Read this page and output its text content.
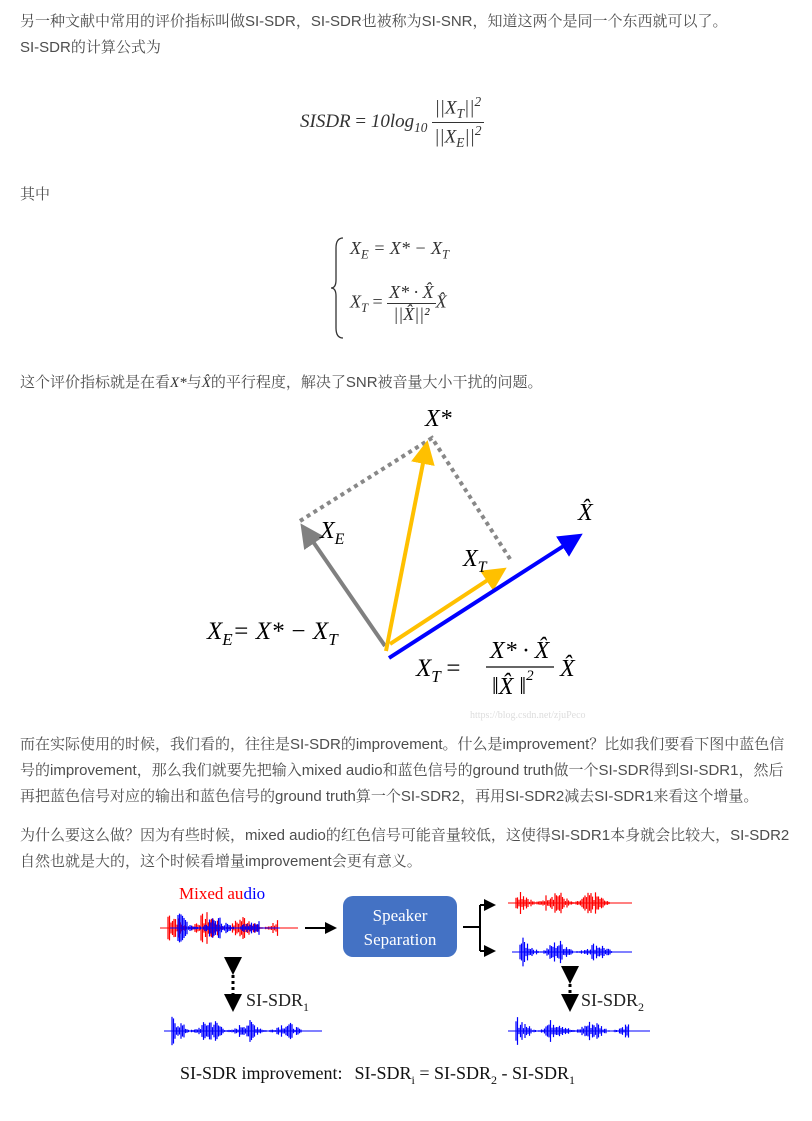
另一种文献中常用的评价指标叫做SI-SDR，SI-SDR也被称为SI-SNR，知道这两个是同一个东西就可以了。
SI-SDR的计算公式为

SISDR = $10\log_{10} \frac{||X_T||^2}{||X_E||^2}$

其中

$X_E = X* - X_T$
$X_T = \frac{X* \cdot X̂}{\text{||X̂||²}}$ X̂

这个评价指标就是在看X*与X̂的平行程度，解决了SNR被音量大小干扰的问题。

X*
X̂
$X_E$
$X_T$
$X_E= X* - X_T$
$X_T$ =
X* · X̂
‖X̂ ‖$^2$ X̂
https://blog.csdn.net/zjuPeco

而在实际使用的时候，我们看的，往往是SI-SDR的improvement。什么是improvement？比如我们要看下图中蓝色信号的improvement，那么我们就要先把输入mixed audio和蓝色信号的ground truth做一个SI-SDR得到SI-SDR1，然后再把蓝色信号对应的输出和蓝色信号的ground truth算一个SI-SDR2，再用SI-SDR2减去SI-SDR1来看这个增量。

为什么要这么做？因为有些时候，mixed audio的红色信号可能音量较低，这使得SI-SDR1本身就会比较大，SI-SDR2自然也就是大的，这个时候看增量improvement会更有意义。

Mixed audio
Speaker
Separation
$SI-SDR_1$	$SI-SDR_2$
SI-SDR improvement: $SI-SDR_i = SI-SDR_2 - SI-SDR_1$
